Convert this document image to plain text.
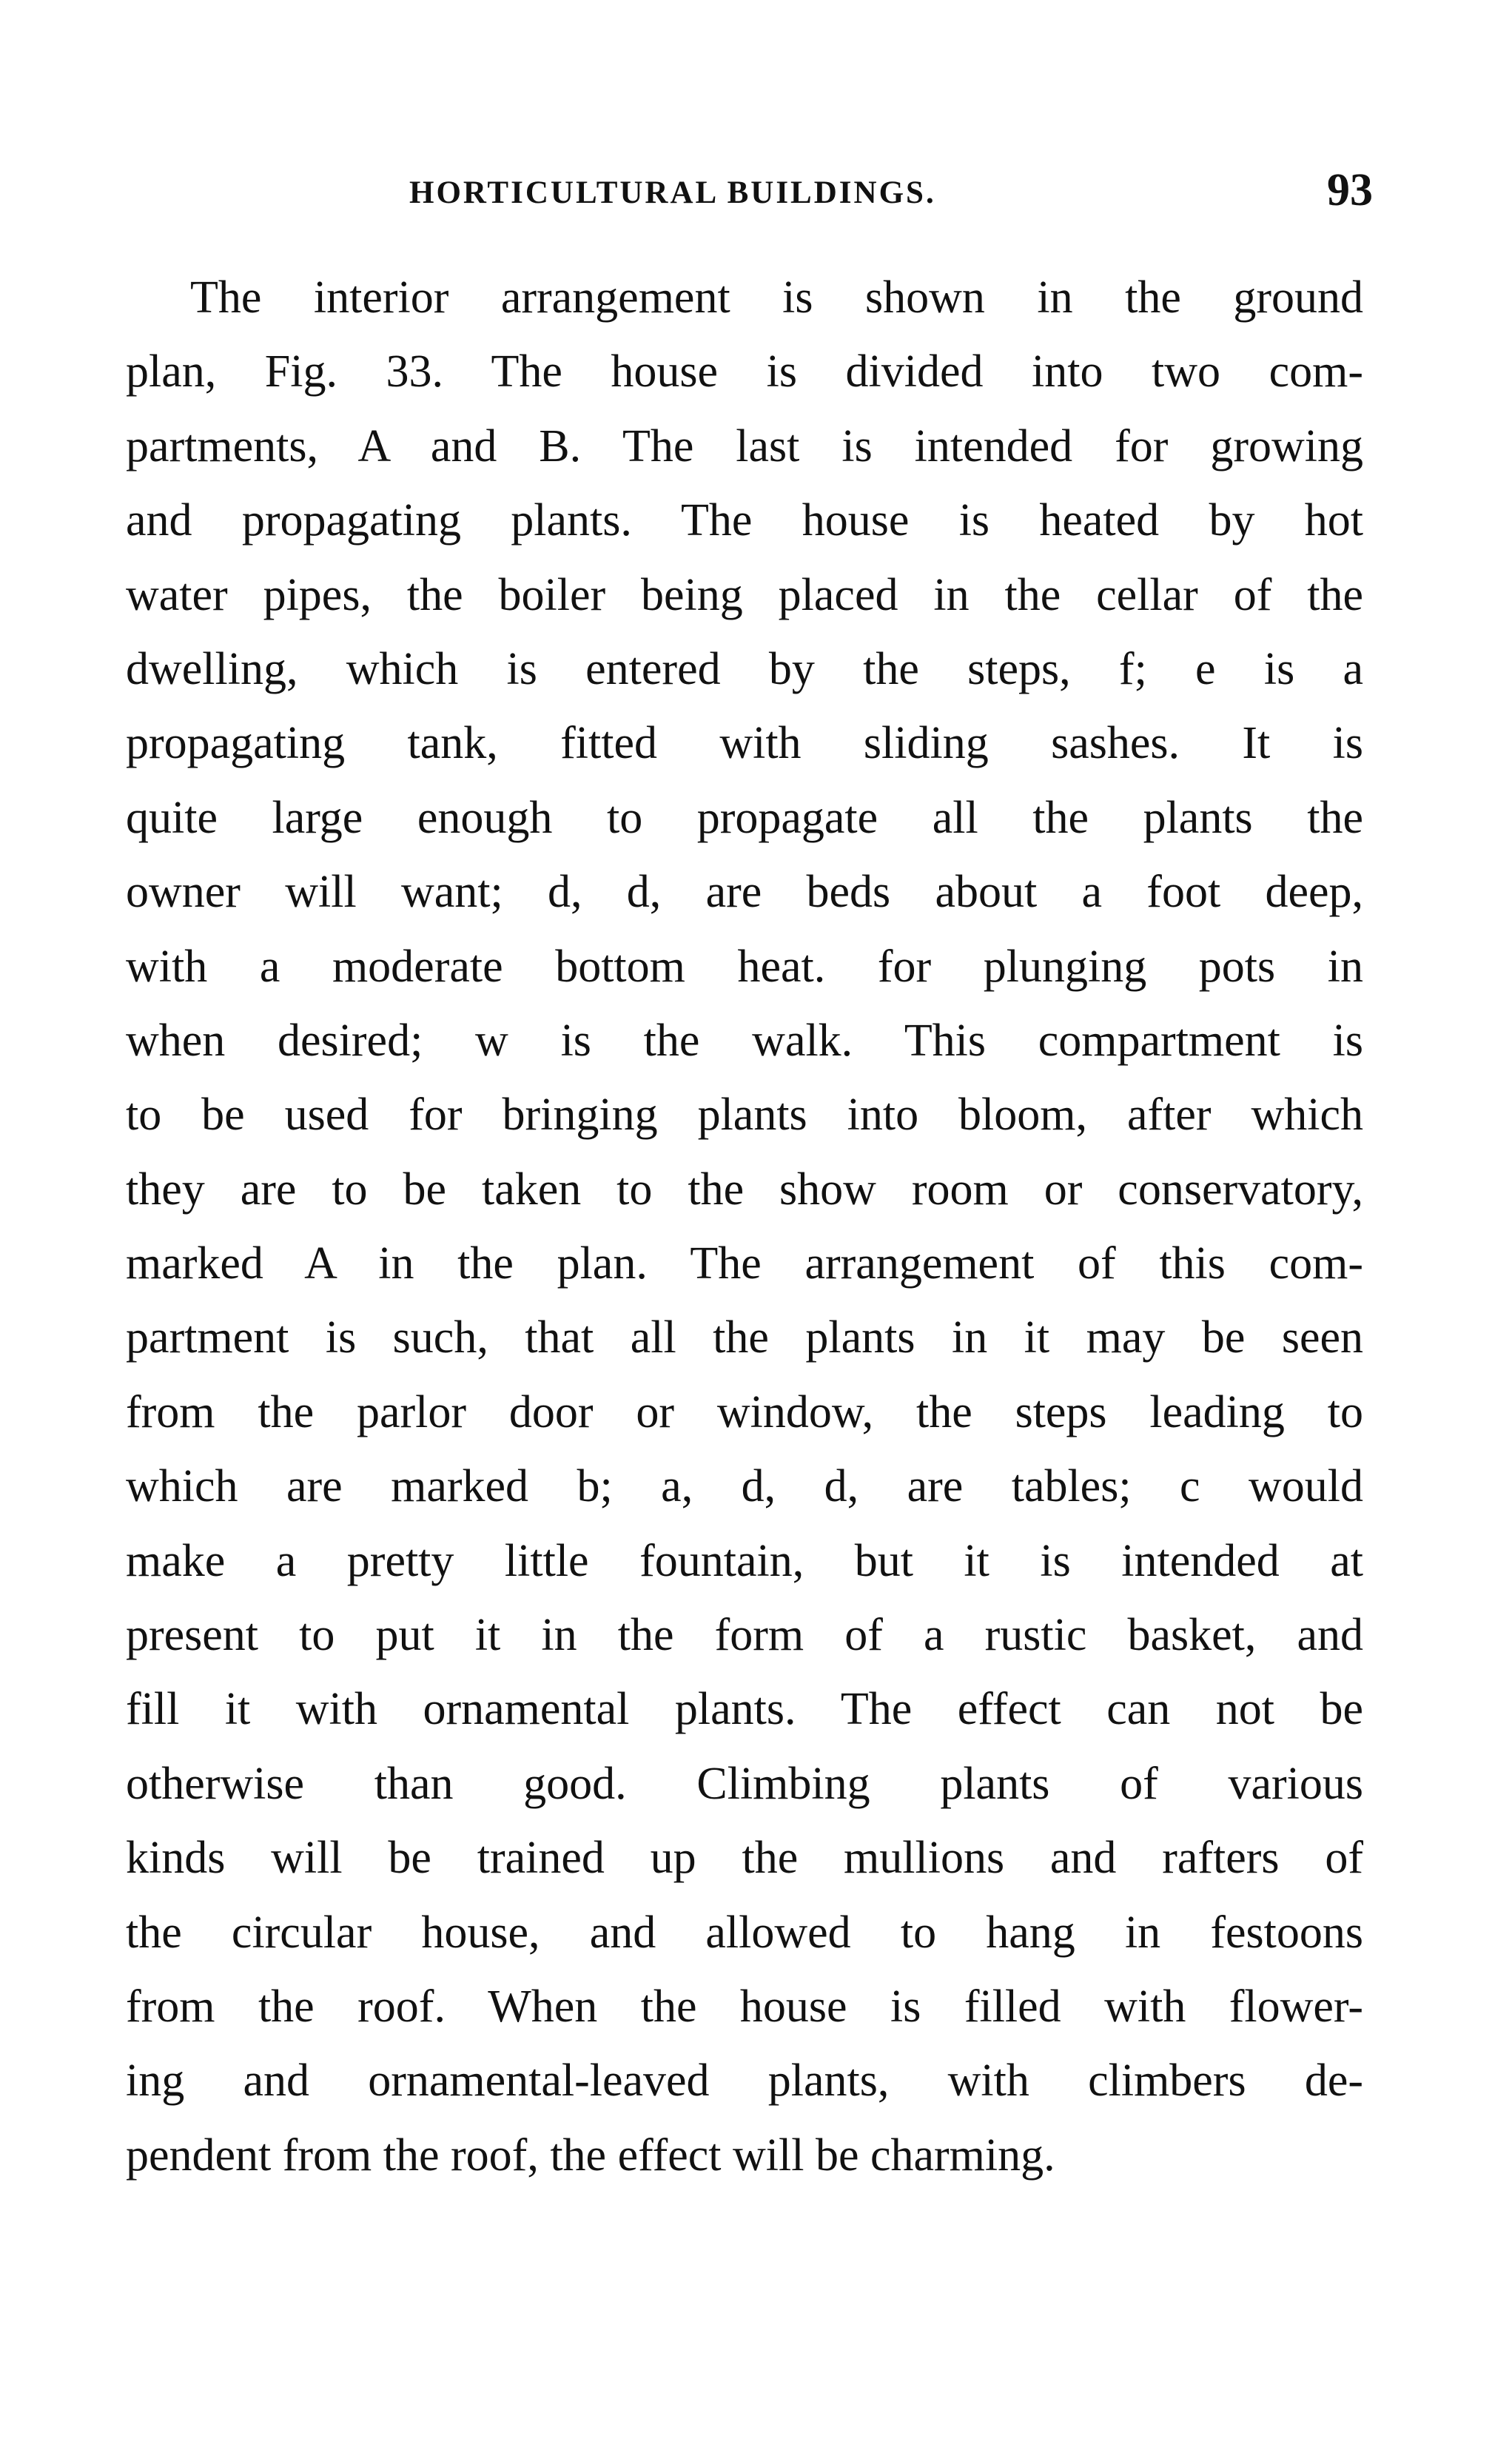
HORTICULTURAL BUILDINGS.	93
The interior arrangement is shown in the ground
plan, Fig. 33. The house is divided into two com-
partments, A and B. The last is intended for growing
and propagating plants. The house is heated by hot
water pipes, the boiler being placed in the cellar of the
dwelling, which is entered by the steps, f; e is a
propagating tank, fitted with sliding sashes. It is
quite large enough to propagate all the plants the
owner will want; d, d, are beds about a foot deep,
with a moderate bottom heat. for plunging pots in
when desired; w is the walk. This compartment is
to be used for bringing plants into bloom, after which
they are to be taken to the show room or conservatory,
marked A in the plan. The arrangement of this com-
partment is such, that all the plants in it may be seen
from the parlor door or window, the steps leading to
which are marked b; a, d, d, are tables; c would
make a pretty little fountain, but it is intended at
present to put it in the form of a rustic basket, and
fill it with ornamental plants. The effect can not be
otherwise than good. Climbing plants of various
kinds will be trained up the mullions and rafters of
the circular house, and allowed to hang in festoons
from the roof. When the house is filled with flower-
ing and ornamental-leaved plants, with climbers de-
pendent from the roof, the effect will be charming.
